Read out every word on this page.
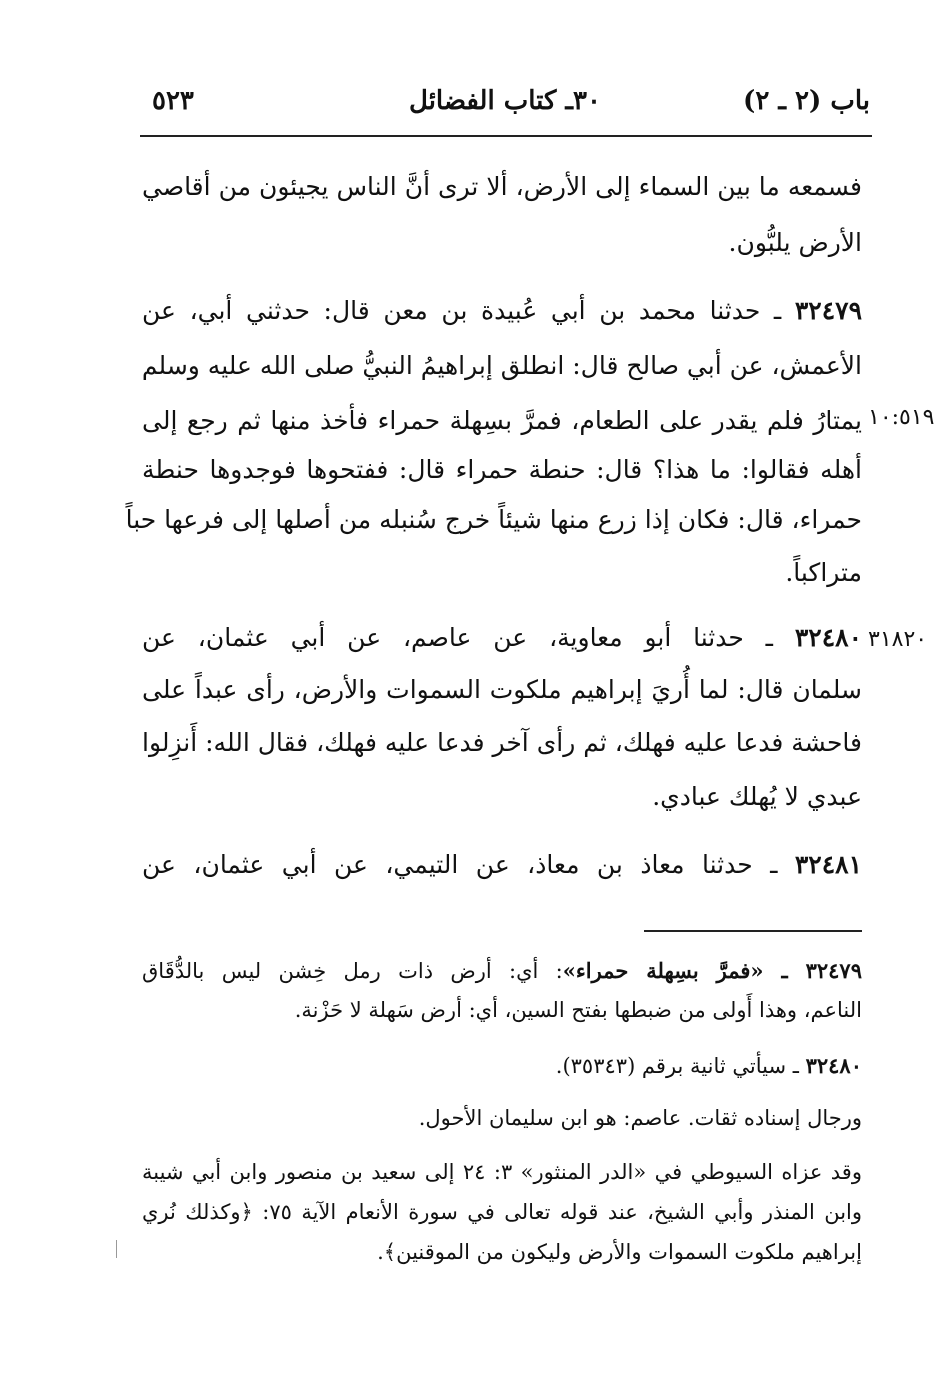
باب (٢ ـ ٢)
٣٠ـ كتاب الفضائل
٥٢٣
فسمعه ما بين السماء إلى الأرض، ألا ترى أنَّ الناس يجيئون من أقاصي
الأرض يلبُّون.
٣٢٤٧٩ ـ حدثنا محمد بن أبي عُبيدة بن معن قال: حدثني أبي، عن
الأعمش، عن أبي صالح قال: انطلق إبراهيمُ النبيُّ صلى الله عليه وسلم
يمتارُ فلم يقدر على الطعام، فمرَّ بسِهلة حمراء فأخذ منها ثم رجع إلى ١٠:٥١٩
أهله فقالوا: ما هذا؟ قال: حنطة حمراء قال: ففتحوها فوجدوها حنطة
حمراء، قال: فكان إذا زرع منها شيئاً خرج سُنبله من أصلها إلى فرعها حباً
متراكباً.
٣٢٤٨٠ ـ حدثنا أبو معاوية، عن عاصم، عن أبي عثمان، عن	٣١٨٢٠
سلمان قال: لما أُريَ إبراهيم ملكوت السموات والأرض، رأى عبداً على
فاحشة فدعا عليه فهلك، ثم رأى آخر فدعا عليه فهلك، فقال الله: أَنزِلوا
عبدي لا يُهلك عبادي.
٣٢٤٨١ ـ حدثنا معاذ بن معاذ، عن التيمي، عن أبي عثمان، عن
٣٢٤٧٩ ـ «فمرَّ بسِهلة حمراء»: أي: أرض ذات رمل خِشن ليس بالدُّقَاق
الناعم، وهذا أَولى من ضبطها بفتح السين، أي: أرض سَهلة لا حَزْنة.
٣٢٤٨٠ ـ سيأتي ثانية برقم (٣٥٣٤٣).
ورجال إسناده ثقات. عاصم: هو ابن سليمان الأحول.
وقد عزاه السيوطي في «الدر المنثور» ٣: ٢٤ إلى سعيد بن منصور وابن أبي شيبة
وابن المنذر وأبي الشيخ، عند قوله تعالى في سورة الأنعام الآية ٧٥: ﴿وكذلك نُري
إبراهيم ملكوت السموات والأرض وليكون من الموقنين﴾.
